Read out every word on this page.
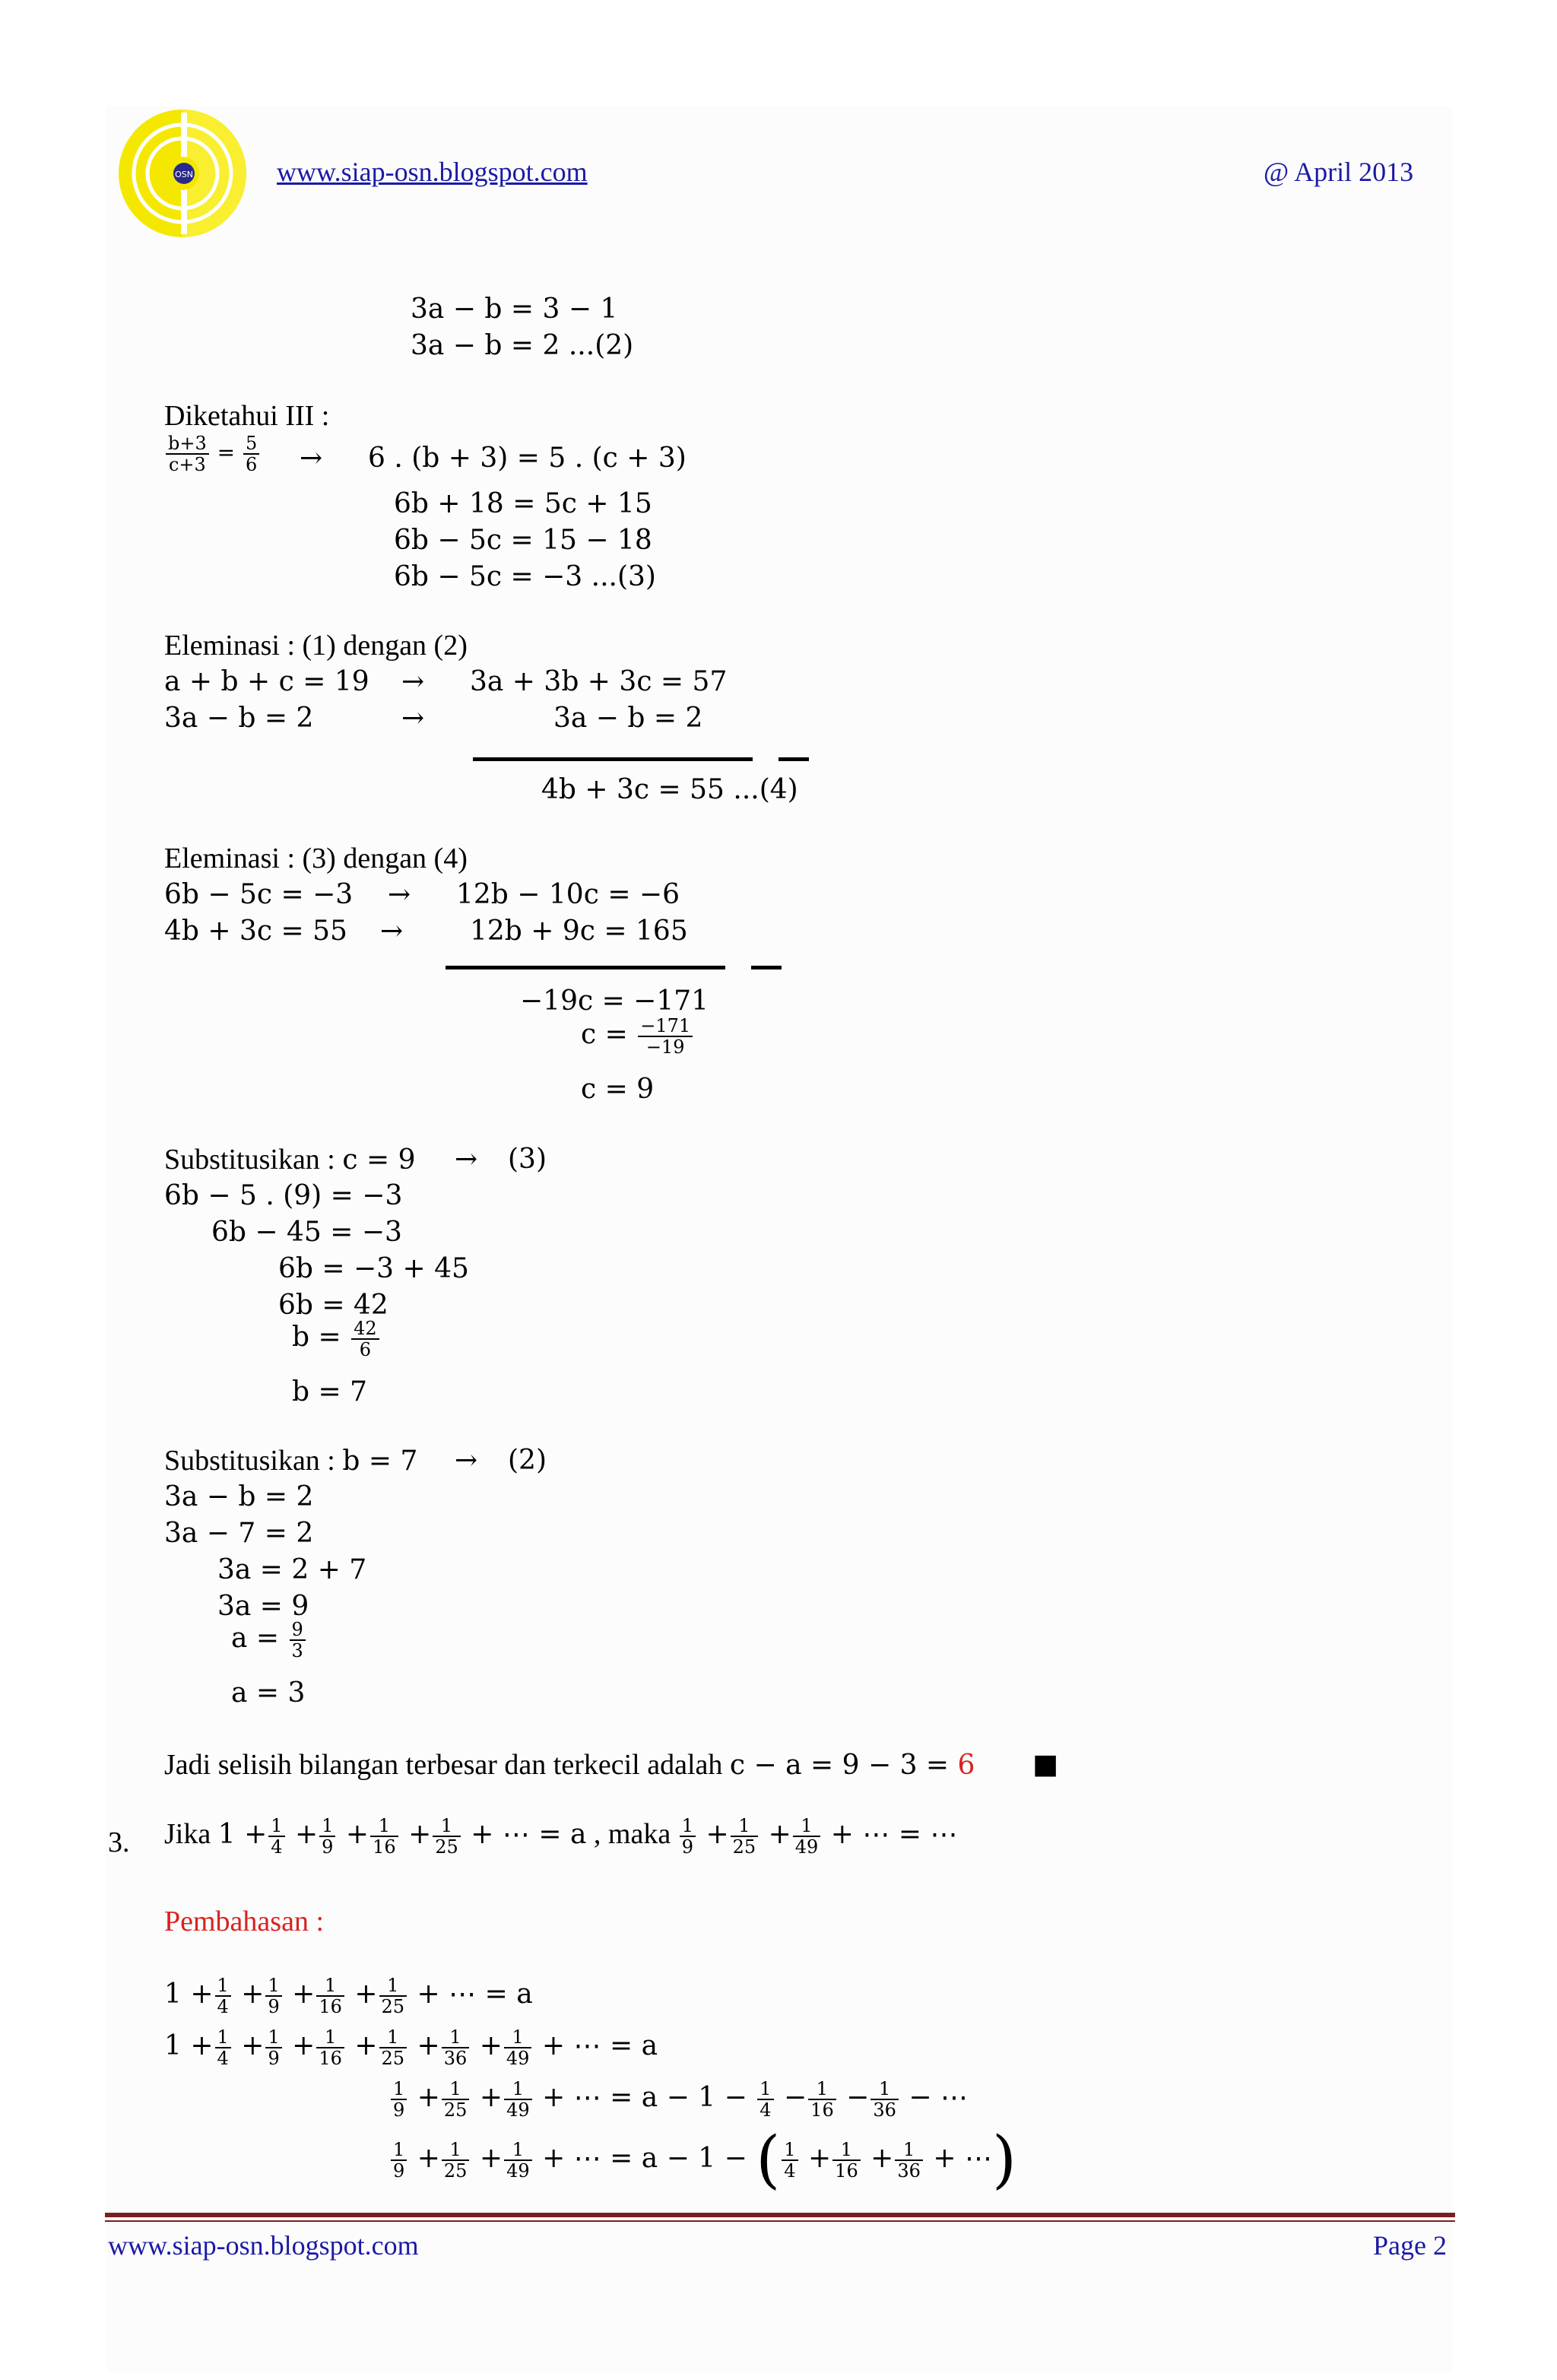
OSN	www.siap-osn.blogspot.com	@ April 2013
3a − b = 3 − 1
3a − b = 2 ...(2)
Diketahui III :
$\frac{b+3}{c+3} = \frac{5}{6} \to 6$ . (b + 3) = 5 . (c + 3)
6b + 18 = 5c + 15
6b − 5c = 15 − 18
6b − 5c = −3 ...(3)
Eleminasi : (1) dengan (2)
a + b + c = 19 → 3a + 3b + 3c = 57
3a − b = 2	→	3a − b = 2
4b + 3c = 55 ...(4)
Eleminasi : (3) dengan (4)
6b − 5c = −3 → 12b − 10c = −6
4b + 3c = 55 → 12b + 9c = 165
−19c = −171
$c = \frac{-171}{-19}$
c = 9
Substitusikan : c = 9 → (3)
6b − 5 . (9) = −3
6b − 45 = −3
6b = −3 + 45
6b = 42
$b = \frac{42}{6}$
b = 7
Substitusikan : b = 7 → (2)
3a − b = 2
3a − 7 = 2
3a = 2 + 7
3a = 9
$a = \frac{9}{3}$
a = 3
Jadi selisih bilangan terbesar dan terkecil adalah c − a = 9 − 3 = 6 ■
3. Jika $1 + \frac{1}{4} + \frac{1}{9} + \frac{1}{16} + \frac{1}{25}$ + ⋯ = a , maka $\frac{1}{9} + \frac{1}{25} + \frac{1}{49}$ + ⋯ = ⋯
Pembahasan :
$1 + \frac{1}{4} + \frac{1}{9} + \frac{1}{16} + \frac{1}{25}$ + ⋯ = a
$1 + \frac{1}{4} + \frac{1}{9} + \frac{1}{16} + \frac{1}{25} + \frac{1}{36} + \frac{1}{49}$ + ⋯ = a
$\frac{1}{9} + \frac{1}{25} + \frac{1}{49}$ + ⋯ = $a - 1 - \frac{1}{4} - \frac{1}{16} - \frac{1}{36}$ − ⋯
$\frac{1}{9} + \frac{1}{25} + \frac{1}{49}$ + ⋯ = a − 1 − ( $\frac{1}{4} + \frac{1}{16} + \frac{1}{36}$ + ⋯)
www.siap-osn.blogspot.com	Page 2
